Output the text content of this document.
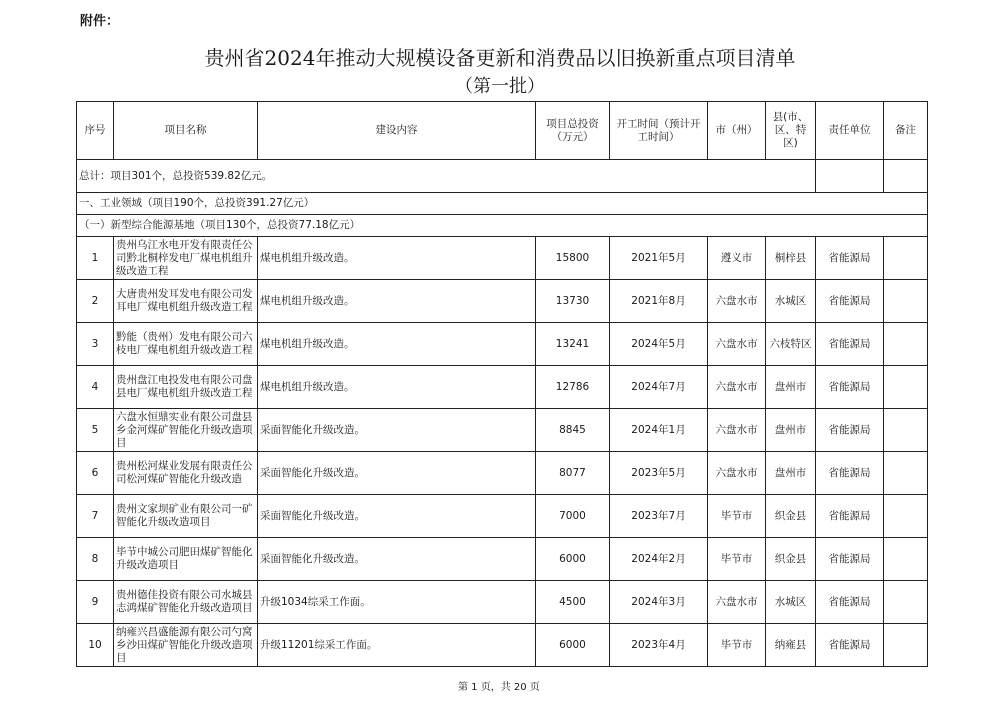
附件：
贵州省2024年推动大规模设备更新和消费品以旧换新重点项目清单
（第一批）
序号	项目名称	建设内容	项目总投资（万元）	开工时间（预计开工时间）	市（州）	县(市、区、特区)	责任单位	备注
总计：项目301个，总投资539.82亿元。								
一、工业领域（项目190个，总投资391.27亿元）								
（一）新型综合能源基地（项目130个，总投资77.18亿元）								
1	贵州乌江水电开发有限责任公司黔北桐梓发电厂煤电机组升级改造工程	煤电机组升级改造。	15800	2021年5月	遵义市	桐梓县	省能源局	
2	大唐贵州发耳发电有限公司发耳电厂煤电机组升级改造工程	煤电机组升级改造。	13730	2021年8月	六盘水市	水城区	省能源局	
3	黔能（贵州）发电有限公司六枝电厂煤电机组升级改造工程	煤电机组升级改造。	13241	2024年5月	六盘水市	六枝特区	省能源局	
4	贵州盘江电投发电有限公司盘县电厂煤电机组升级改造工程	煤电机组升级改造。	12786	2024年7月	六盘水市	盘州市	省能源局	
5	六盘水恒鼎实业有限公司盘县乡金河煤矿智能化升级改造项目	采面智能化升级改造。	8845	2024年1月	六盘水市	盘州市	省能源局	
6	贵州松河煤业发展有限责任公司松河煤矿智能化升级改造	采面智能化升级改造。	8077	2023年5月	六盘水市	盘州市	省能源局	
7	贵州文家坝矿业有限公司一矿智能化升级改造项目	采面智能化升级改造。	7000	2023年7月	毕节市	织金县	省能源局	
8	毕节中城公司肥田煤矿智能化升级改造项目	采面智能化升级改造。	6000	2024年2月	毕节市	织金县	省能源局	
9	贵州德佳投资有限公司水城县志鸿煤矿智能化升级改造项目	升级1034综采工作面。	4500	2024年3月	六盘水市	水城区	省能源局	
10	纳雍兴昌盛能源有限公司勺窝乡沙田煤矿智能化升级改造项目	升级11201综采工作面。	6000	2023年4月	毕节市	纳雍县	省能源局	
第 1 页，共 20 页
